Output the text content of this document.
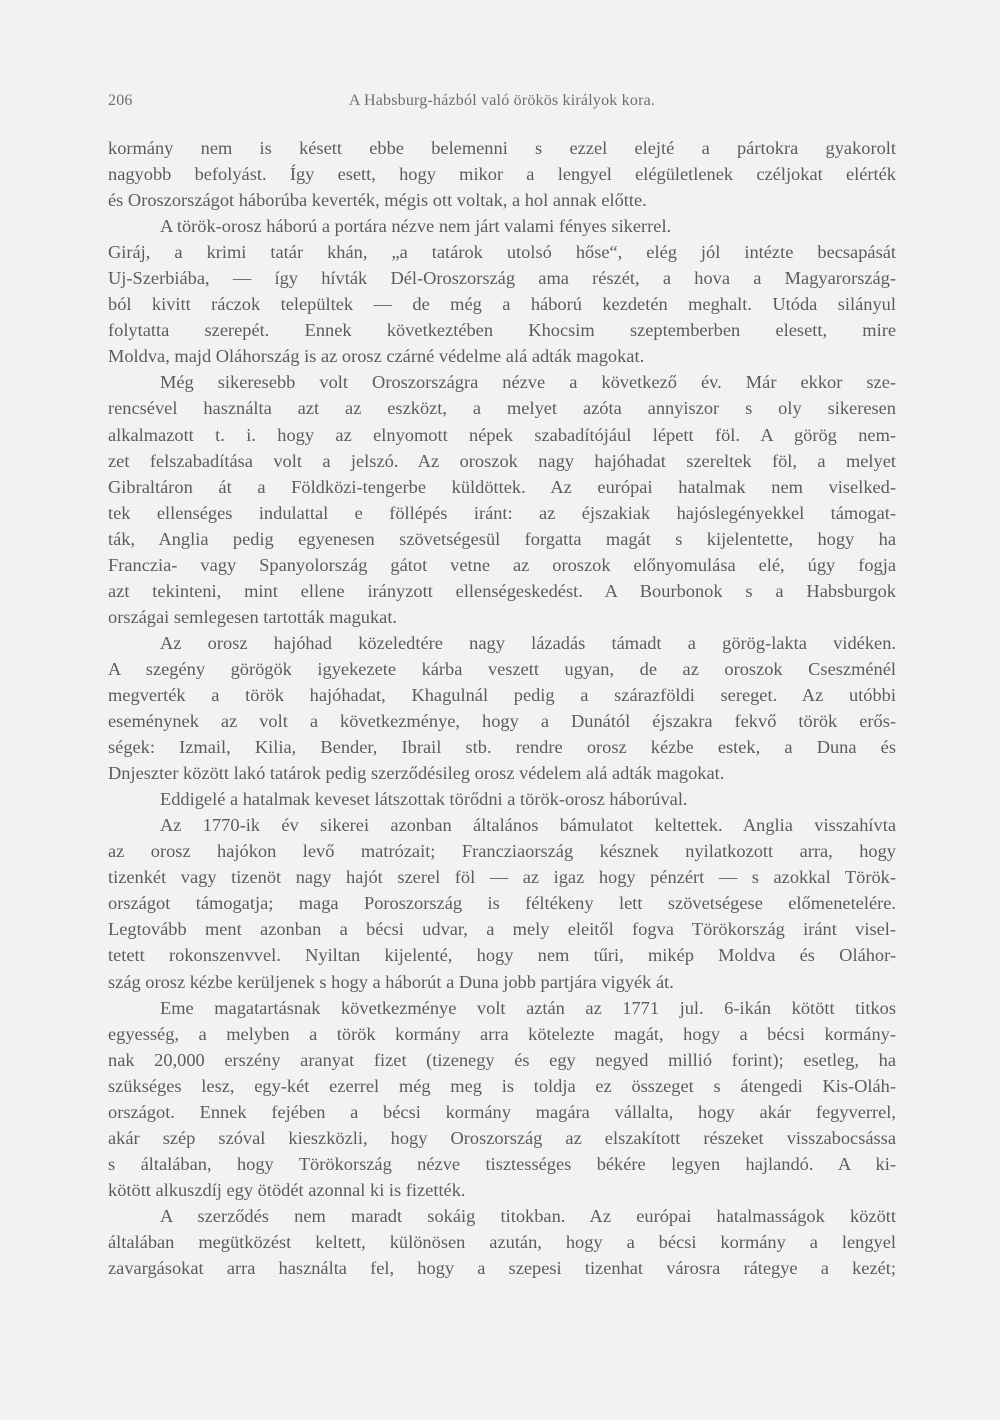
206	A Habsburg-házból való örökös királyok kora.
kormány nem is késett ebbe belemenni s ezzel elejté a pártokra gyakorolt
nagyobb befolyást. Így esett, hogy mikor a lengyel elégületlenek czéljokat elérték
és Oroszországot háborúba keverték, mégis ott voltak, a hol annak előtte.
A török-orosz háború a portára nézve nem járt valami fényes sikerrel.
Giráj, a krimi tatár khán, „a tatárok utolsó hőse“, elég jól intézte becsapását
Uj-Szerbiába, — így hívták Dél-Oroszország ama részét, a hova a Magyarország-
ból kivitt ráczok települtek — de még a háború kezdetén meghalt. Utóda silányul
folytatta szerepét. Ennek következtében Khocsim szeptemberben elesett, mire
Moldva, majd Oláhország is az orosz czárné védelme alá adták magokat.
Még sikeresebb volt Oroszországra nézve a következő év. Már ekkor sze-
rencsével használta azt az eszközt, a melyet azóta annyiszor s oly sikeresen
alkalmazott t. i. hogy az elnyomott népek szabadítójául lépett föl. A görög nem-
zet felszabadítása volt a jelszó. Az oroszok nagy hajóhadat szereltek föl, a melyet
Gibraltáron át a Földközi-tengerbe küldöttek. Az európai hatalmak nem viselked-
tek ellenséges indulattal e föllépés iránt: az éjszakiak hajóslegényekkel támogat-
ták, Anglia pedig egyenesen szövetségesül forgatta magát s kijelentette, hogy ha
Franczia- vagy Spanyolország gátot vetne az oroszok előnyomulása elé, úgy fogja
azt tekinteni, mint ellene irányzott ellenségeskedést. A Bourbonok s a Habsburgok
országai semlegesen tartották magukat.
Az orosz hajóhad közeledtére nagy lázadás támadt a görög-lakta vidéken.
A szegény görögök igyekezete kárba veszett ugyan, de az oroszok Cseszménél
megverték a török hajóhadat, Khagulnál pedig a szárazföldi sereget. Az utóbbi
eseménynek az volt a következménye, hogy a Dunától éjszakra fekvő török erős-
ségek: Izmail, Kilia, Bender, Ibrail stb. rendre orosz kézbe estek, a Duna és
Dnjeszter között lakó tatárok pedig szerződésileg orosz védelem alá adták magokat.
Eddigelé a hatalmak keveset látszottak törődni a török-orosz háborúval.
Az 1770-ik év sikerei azonban általános bámulatot keltettek. Anglia visszahívta
az orosz hajókon levő matrózait; Francziaország késznek nyilatkozott arra, hogy
tizenkét vagy tizenöt nagy hajót szerel föl — az igaz hogy pénzért — s azokkal Török-
országot támogatja; maga Poroszország is féltékeny lett szövetségese előmenetelére.
Legtovább ment azonban a bécsi udvar, a mely eleitől fogva Törökország iránt visel-
tetett rokonszenvvel. Nyiltan kijelenté, hogy nem tűri, mikép Moldva és Oláhor-
szág orosz kézbe kerüljenek s hogy a háborút a Duna jobb partjára vigyék át.
Eme magatartásnak következménye volt aztán az 1771 jul. 6-ikán kötött titkos
egyesség, a melyben a török kormány arra kötelezte magát, hogy a bécsi kormány-
nak 20,000 erszény aranyat fizet (tizenegy és egy negyed millió forint); esetleg, ha
szükséges lesz, egy-két ezerrel még meg is toldja ez összeget s átengedi Kis-Oláh-
országot. Ennek fejében a bécsi kormány magára vállalta, hogy akár fegyverrel,
akár szép szóval kieszközli, hogy Oroszország az elszakított részeket visszabocsássa
s általában, hogy Törökország nézve tisztességes békére legyen hajlandó. A ki-
kötött alkuszdíj egy ötödét azonnal ki is fizették.
A szerződés nem maradt sokáig titokban. Az európai hatalmasságok között
általában megütközést keltett, különösen azután, hogy a bécsi kormány a lengyel
zavargásokat arra használta fel, hogy a szepesi tizenhat városra rátegye a kezét;
